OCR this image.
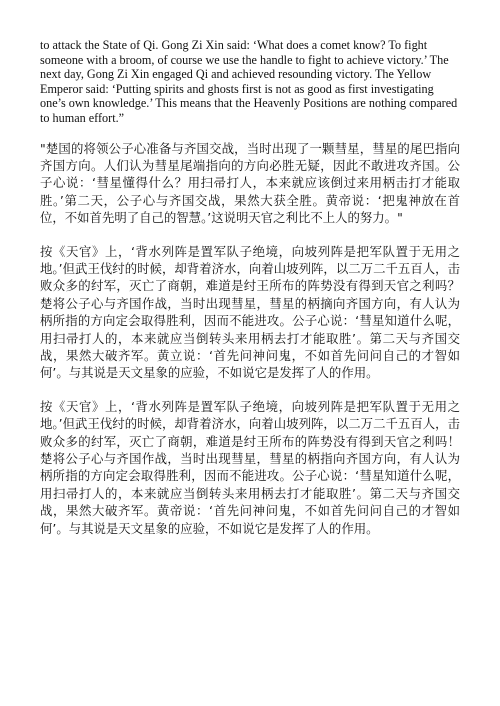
to attack the State of Qi. Gong Zi Xin said: ‘What does a comet know? To fight someone with a broom, of course we use the handle to fight to achieve victory.’ The next day, Gong Zi Xin engaged Qi and achieved resounding victory. The Yellow Emperor said: ‘Putting spirits and ghosts first is not as good as first investigating one’s own knowledge.’ This means that the Heavenly Positions are nothing compared to human effort.”

"楚国的将领公子心准备与齐国交战，当时出现了一颗彗星，彗星的尾巴指向齐国方向。人们认为彗星尾端指向的方向必胜无疑，因此不敢进攻齐国。公子心说：‘彗星懂得什么？用扫帚打人，本来就应该倒过来用柄击打才能取胜。’第二天，公子心与齐国交战，果然大获全胜。黄帝说：‘把鬼神放在首位，不如首先明了自己的智慧。’这说明天官之利比不上人的努力。"

按《天官》上，‘背水列阵是置军队子绝境，向坡列阵是把军队置于无用之地。’但武王伐纣的时候，却背着济水，向着山坡列阵，以二万二千五百人，击败众多的纣军，灭亡了商朝，难道是纣王所布的阵势没有得到天官之利吗？楚将公子心与齐国作战，当时出现彗星，彗星的柄摘向齐国方向，有人认为柄所指的方向定会取得胜利，因而不能进攻。公子心说：‘彗星知道什么呢，用扫帚打人的，本来就应当倒转头来用柄去打才能取胜’。第二天与齐国交战，果然大破齐军。黄立说：‘首先问神问鬼，不如首先问问自己的才智如何’。与其说是天文星象的应验，不如说它是发挥了人的作用。

按《天官》上，‘背水列阵是置军队子绝境，向坡列阵是把军队置于无用之地。’但武王伐纣的时候，却背着济水，向着山坡列阵，以二万二千五百人，击败众多的纣军，灭亡了商朝，难道是纣王所布的阵势没有得到天官之利吗！楚将公子心与齐国作战，当时出现彗星，彗星的柄指向齐国方向，有人认为柄所指的方向定会取得胜利，因而不能进攻。公子心说：‘彗星知道什么呢，用扫帚打人的，本来就应当倒转头来用柄去打才能取胜’。第二天与齐国交战，果然大破齐军。黄帝说：‘首先问神问鬼，不如首先问问自己的才智如何’。与其说是天文星象的应验，不如说它是发挥了人的作用。
